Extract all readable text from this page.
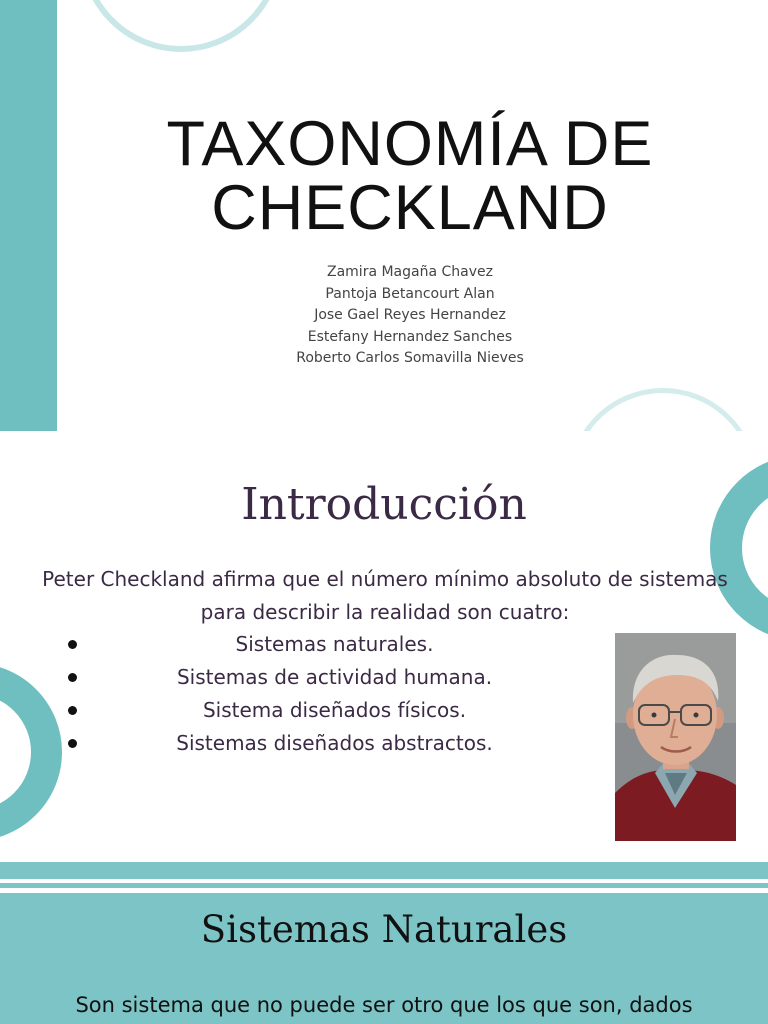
TAXONOMÍA DE
CHECKLAND
Zamira Magaña Chavez
Pantoja Betancourt Alan
Jose Gael Reyes Hernandez
Estefany Hernandez Sanches
Roberto Carlos Somavilla Nieves
Introducción

Peter Checkland afirma que el número mínimo absoluto de sistemas para describir la realidad son cuatro:

Sistemas naturales.
Sistemas de actividad humana.
Sistema diseñados físicos.
Sistemas diseñados abstractos.
Sistemas Naturales

Son sistema que no puede ser otro que los que son, dados
